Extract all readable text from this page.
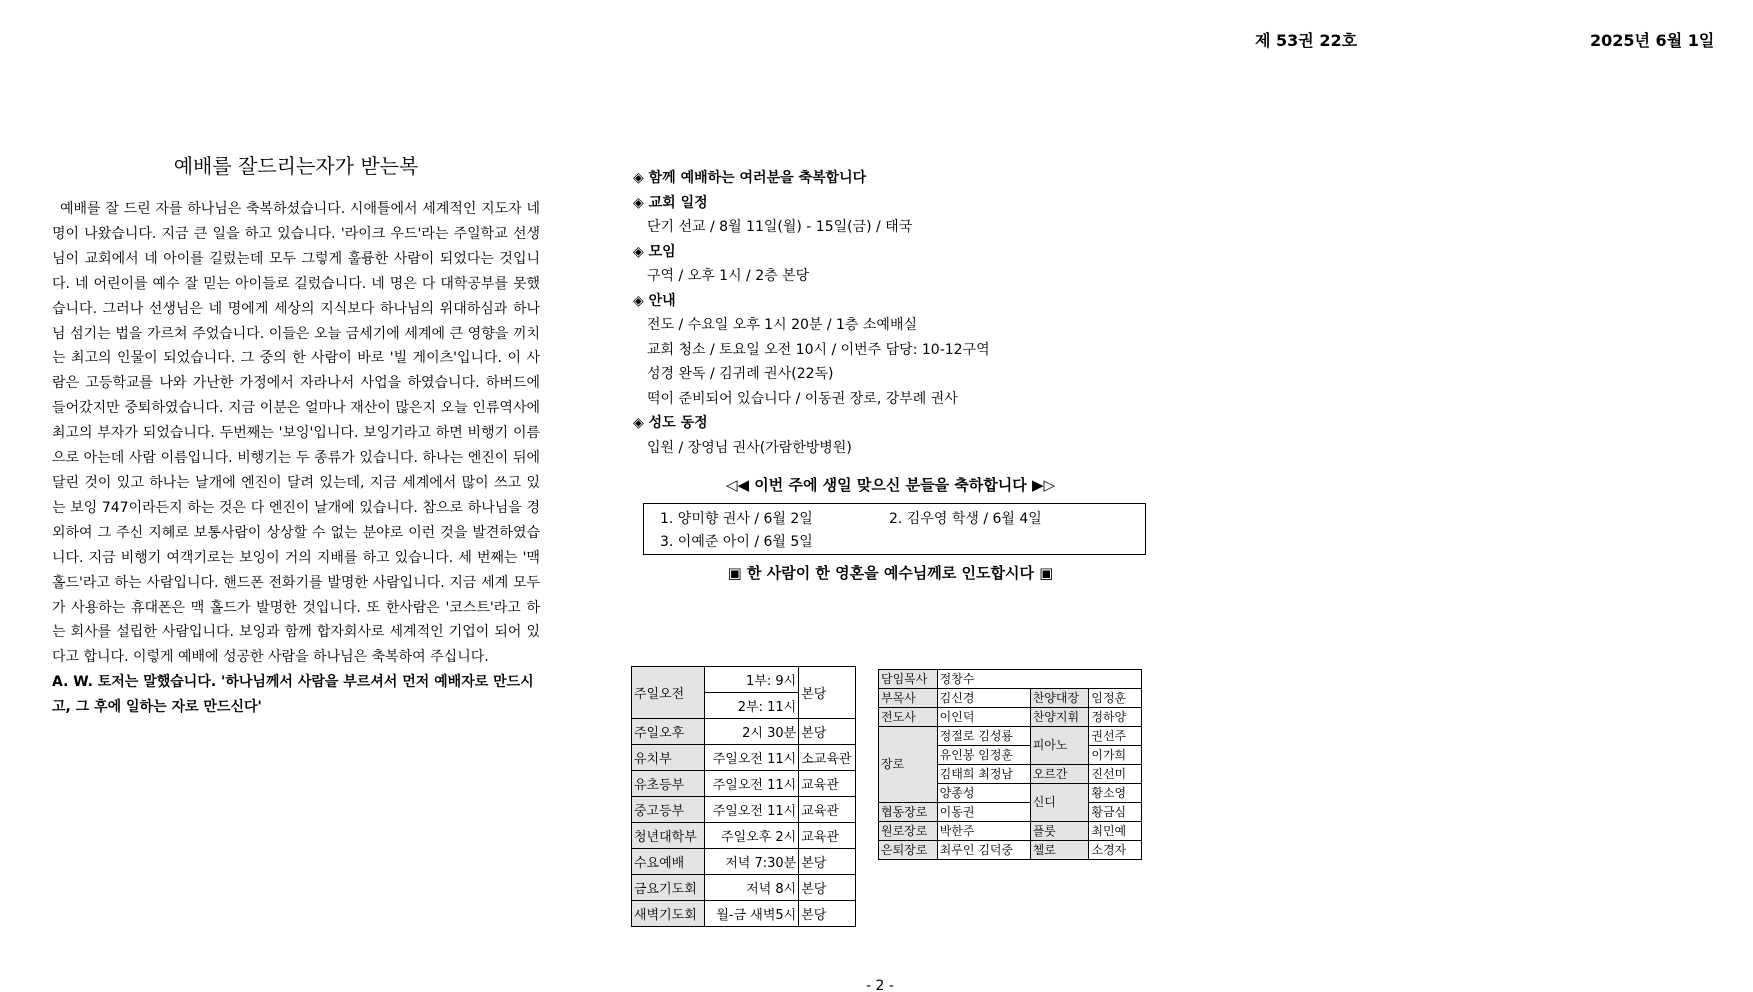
제 53권 22호	2025년 6월 1일
예배를 잘드리는자가 받는복

예배를 잘 드린 자를 하나님은 축복하셨습니다. 시애틀에서 세계적인 지도자 네 명이 나왔습니다. 지금 큰 일을 하고 있습니다. '라이크 우드'라는 주일학교 선생님이 교회에서 네 아이를 길렀는데 모두 그렇게 훌륭한 사람이 되었다는 것입니다. 네 어린이를 예수 잘 믿는 아이들로 길렀습니다. 네 명은 다 대학공부를 못했습니다. 그러나 선생님은 네 명에게 세상의 지식보다 하나님의 위대하심과 하나님 섬기는 법을 가르쳐 주었습니다. 이들은 오늘 금세기에 세계에 큰 영향을 끼치는 최고의 인물이 되었습니다. 그 중의 한 사람이 바로 '빌 게이츠'입니다. 이 사람은 고등학교를 나와 가난한 가정에서 자라나서 사업을 하였습니다. 하버드에 들어갔지만 중퇴하였습니다. 지금 이분은 얼마나 재산이 많은지 오늘 인류역사에 최고의 부자가 되었습니다. 두번째는 '보잉'입니다. 보잉기라고 하면 비행기 이름으로 아는데 사람 이름입니다. 비행기는 두 종류가 있습니다. 하나는 엔진이 뒤에 달린 것이 있고 하나는 날개에 엔진이 달려 있는데, 지금 세계에서 많이 쓰고 있는 보잉 747이라든지 하는 것은 다 엔진이 날개에 있습니다. 참으로 하나님을 경외하여 그 주신 지혜로 보통사람이 상상할 수 없는 분야로 이런 것을 발견하였습니다. 지금 비행기 여객기로는 보잉이 거의 지배를 하고 있습니다. 세 번째는 '맥 홀드'라고 하는 사람입니다. 핸드폰 전화기를 발명한 사람입니다. 지금 세계 모두가 사용하는 휴대폰은 맥 홀드가 발명한 것입니다. 또 한사람은 '코스트'라고 하는 회사를 설립한 사람입니다. 보잉과 함께 합자회사로 세계적인 기업이 되어 있다고 합니다. 이렇게 예배에 성공한 사람을 하나님은 축복하여 주십니다.

A. W. 토저는 말했습니다. '하나님께서 사람을 부르셔서 먼저 예배자로 만드시고, 그 후에 일하는 자로 만드신다'

◈ 함께 예배하는 여러분을 축복합니다
◈ 교회 일정
단기 선교 / 8월 11일(월) - 15일(금) / 태국
◈ 모임
구역 / 오후 1시 / 2층 본당
◈ 안내
전도 / 수요일 오후 1시 20분 / 1층 소예배실
교회 청소 / 토요일 오전 10시 / 이번주 담당: 10-12구역
성경 완독 / 김귀례 권사(22독)
떡이 준비되어 있습니다 / 이동권 장로, 강부례 권사
◈ 성도 동정
입원 / 장영님 권사(가람한방병원)
◁◀ 이번 주에 생일 맞으신 분들을 축하합니다 ▶▷
1. 양미향 권사 / 6월 2일	2. 김우영 학생 / 6월 4일
3. 이예준 아이 / 6월 5일
▣ 한 사람이 한 영혼을 예수님께로 인도합시다 ▣
주일오전	1부: 9시	본당
	2부: 11시	
주일오후	2시 30분	본당
유치부	주일오전 11시	소교육관
유초등부	주일오전 11시	교육관
중고등부	주일오전 11시	교육관
청년대학부	주일오후 2시	교육관
수요예배	저녁 7:30분	본당
금요기도회	저녁 8시	본당
새벽기도회	월-금 새벽5시	본당
담임목사	정창수		
부목사	김신경	찬양대장	임정훈
전도사	이인덕	찬양지휘	정하양
장로	정절로 김성룡	피아노	권선주
	유인봉 임정훈		이가희
	김태희 최정남	오르간	진선미
	양종성	신디	황소영
협동장로	이동권		황금심
원로장로	박한주	플룻	최민예
은퇴장로	최루인 김덕중	첼로	소경자
- 2 -
